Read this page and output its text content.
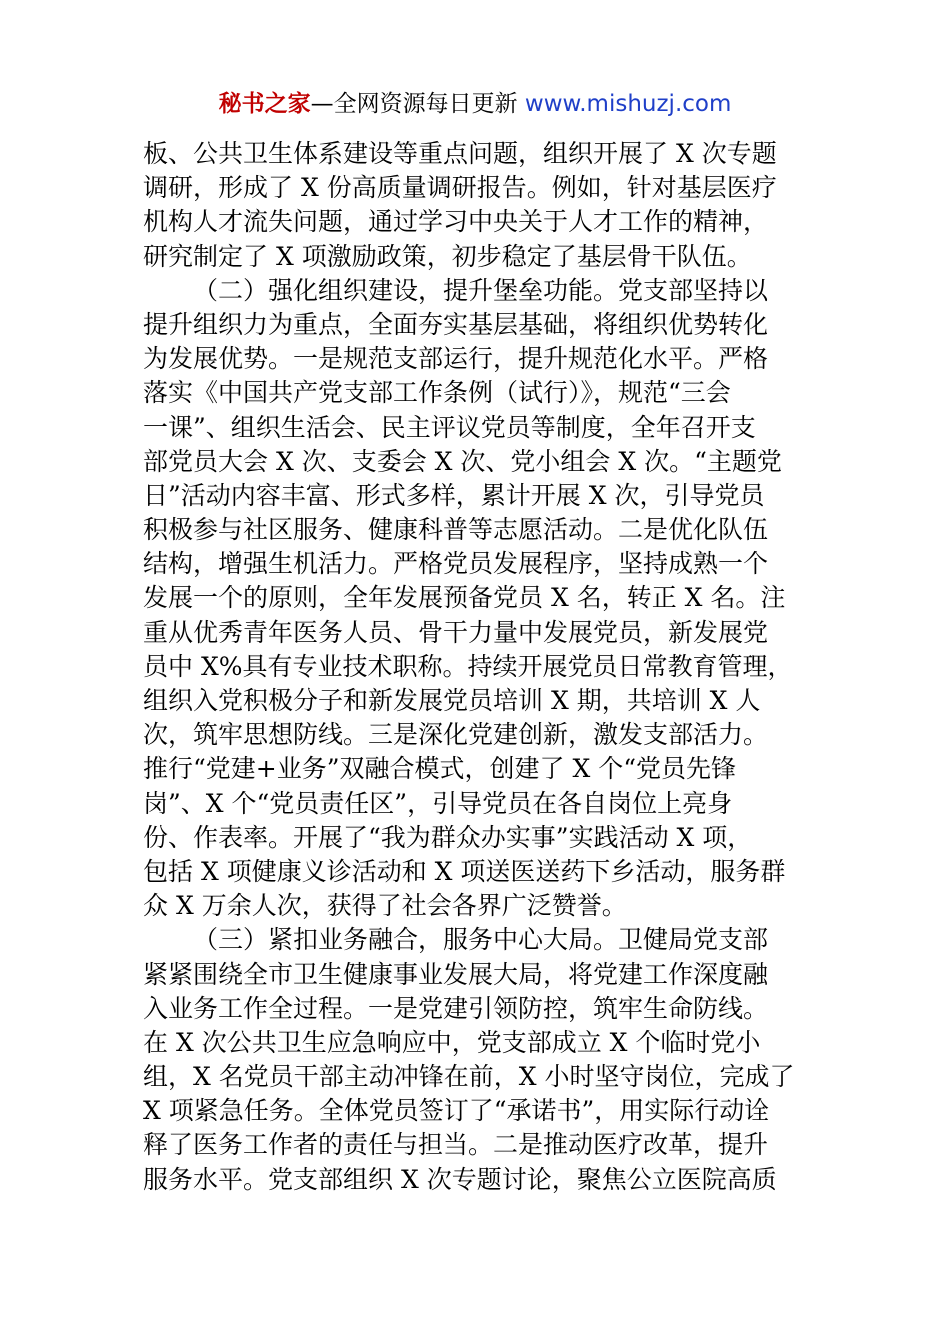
秘书之家—全网资源每日更新 www.mishuzj.com
板、公共卫生体系建设等重点问题，组织开展了 X 次专题
调研，形成了 X 份高质量调研报告。例如，针对基层医疗
机构人才流失问题，通过学习中央关于人才工作的精神，
研究制定了 X 项激励政策，初步稳定了基层骨干队伍。
（二）强化组织建设，提升堡垒功能。党支部坚持以
提升组织力为重点，全面夯实基层基础，将组织优势转化
为发展优势。一是规范支部运行，提升规范化水平。严格
落实《中国共产党支部工作条例（试行）》，规范“三会
一课”、组织生活会、民主评议党员等制度，全年召开支
部党员大会 X 次、支委会 X 次、党小组会 X 次。“主题党
日”活动内容丰富、形式多样，累计开展 X 次，引导党员
积极参与社区服务、健康科普等志愿活动。二是优化队伍
结构，增强生机活力。严格党员发展程序，坚持成熟一个
发展一个的原则，全年发展预备党员 X 名，转正 X 名。注
重从优秀青年医务人员、骨干力量中发展党员，新发展党
员中 X%具有专业技术职称。持续开展党员日常教育管理，
组织入党积极分子和新发展党员培训 X 期，共培训 X 人
次，筑牢思想防线。三是深化党建创新，激发支部活力。
推行“党建+业务”双融合模式，创建了 X 个“党员先锋
岗”、X 个“党员责任区”，引导党员在各自岗位上亮身
份、作表率。开展了“我为群众办实事”实践活动 X 项，
包括 X 项健康义诊活动和 X 项送医送药下乡活动，服务群
众 X 万余人次，获得了社会各界广泛赞誉。
（三）紧扣业务融合，服务中心大局。卫健局党支部
紧紧围绕全市卫生健康事业发展大局，将党建工作深度融
入业务工作全过程。一是党建引领防控，筑牢生命防线。
在 X 次公共卫生应急响应中，党支部成立 X 个临时党小
组，X 名党员干部主动冲锋在前，X 小时坚守岗位，完成了
X 项紧急任务。全体党员签订了“承诺书”，用实际行动诠
释了医务工作者的责任与担当。二是推动医疗改革，提升
服务水平。党支部组织 X 次专题讨论，聚焦公立医院高质
